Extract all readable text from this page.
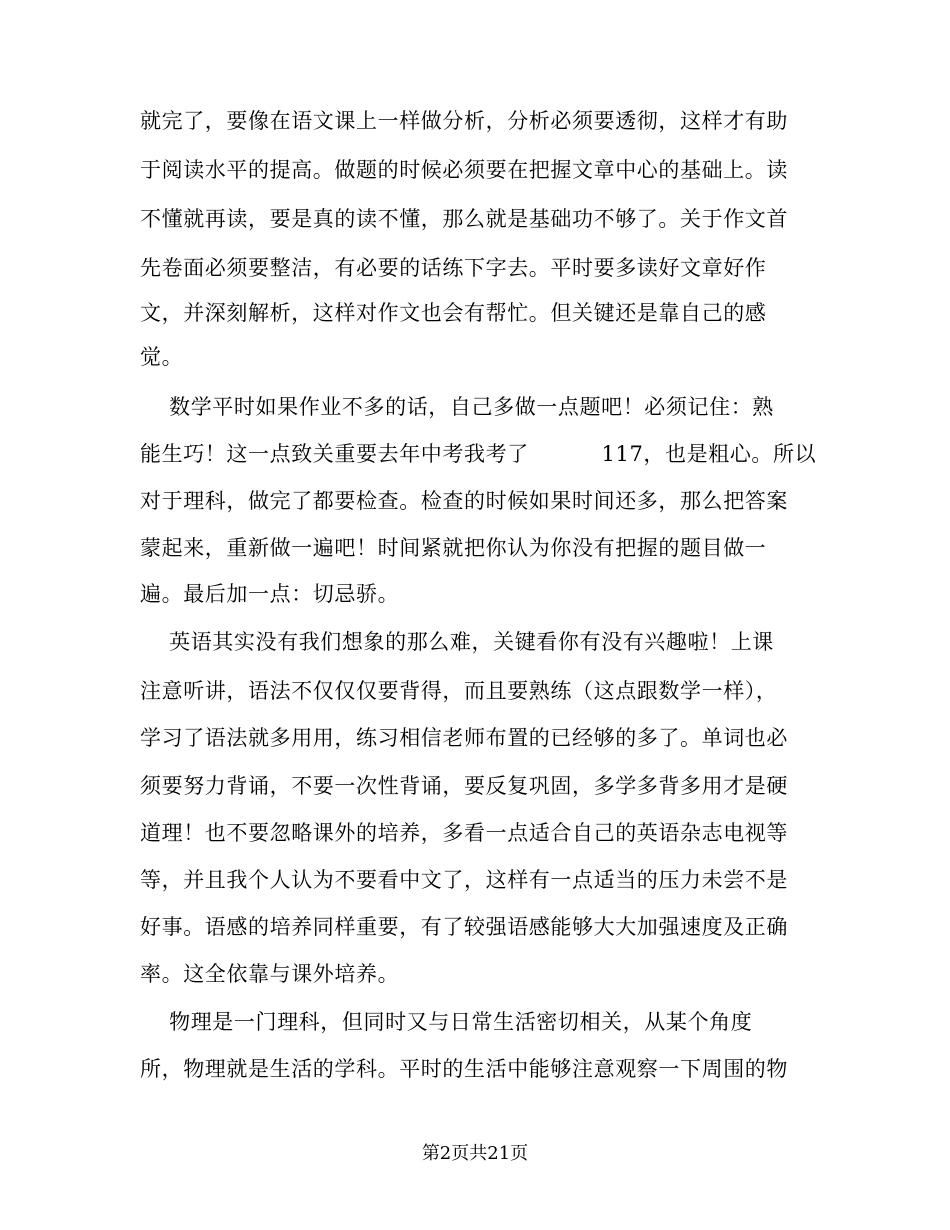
就完了，要像在语文课上一样做分析，分析必须要透彻，这样才有助
于阅读水平的提高。做题的时候必须要在把握文章中心的基础上。读
不懂就再读，要是真的读不懂，那么就是基础功不够了。关于作文首
先卷面必须要整洁，有必要的话练下字去。平时要多读好文章好作
文，并深刻解析，这样对作文也会有帮忙。但关键还是靠自己的感
觉。
数学平时如果作业不多的话，自己多做一点题吧！必须记住：熟
能生巧！这一点致关重要去年中考我考了          117，也是粗心。所以
对于理科，做完了都要检查。检查的时候如果时间还多，那么把答案
蒙起来，重新做一遍吧！时间紧就把你认为你没有把握的题目做一
遍。最后加一点：切忌骄。
英语其实没有我们想象的那么难，关键看你有没有兴趣啦！上课
注意听讲，语法不仅仅仅要背得，而且要熟练（这点跟数学一样），
学习了语法就多用用，练习相信老师布置的已经够的多了。单词也必
须要努力背诵，不要一次性背诵，要反复巩固，多学多背多用才是硬
道理！也不要忽略课外的培养，多看一点适合自己的英语杂志电视等
等，并且我个人认为不要看中文了，这样有一点适当的压力未尝不是
好事。语感的培养同样重要，有了较强语感能够大大加强速度及正确
率。这全依靠与课外培养。
物理是一门理科，但同时又与日常生活密切相关，从某个角度
所，物理就是生活的学科。平时的生活中能够注意观察一下周围的物
第2页共21页
